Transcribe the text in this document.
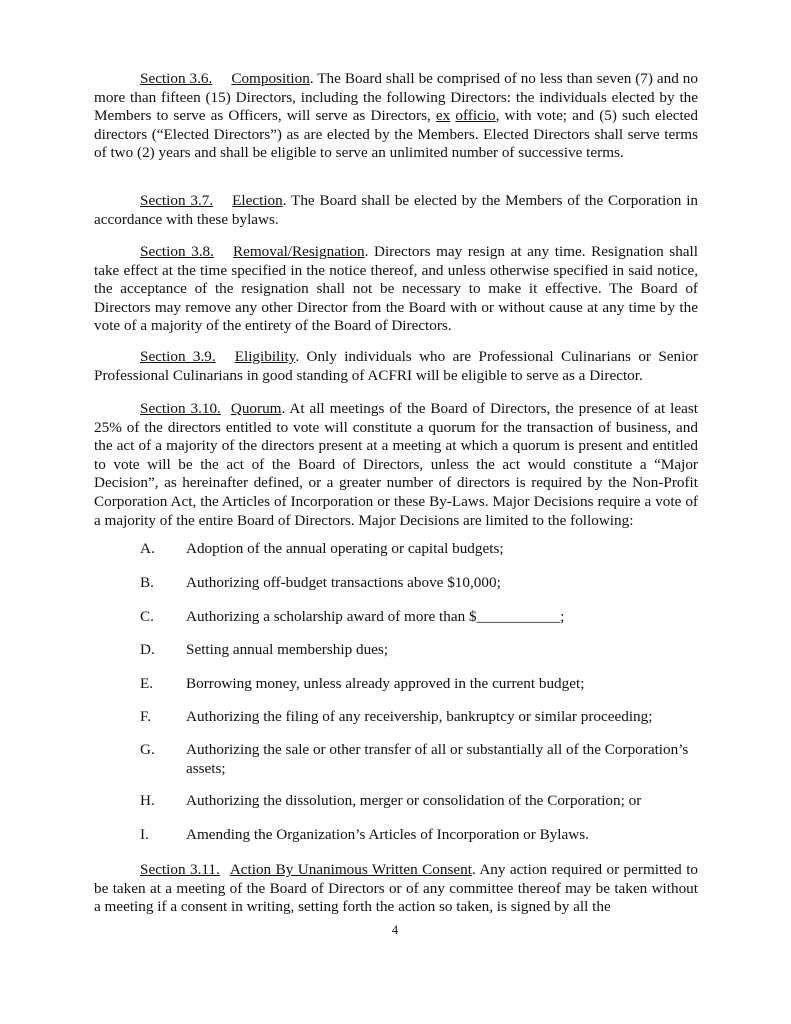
Section 3.6. Composition. The Board shall be comprised of no less than seven (7) and no more than fifteen (15) Directors, including the following Directors: the individuals elected by the Members to serve as Officers, will serve as Directors, ex officio, with vote; and (5) such elected directors (“Elected Directors”) as are elected by the Members. Elected Directors shall serve terms of two (2) years and shall be eligible to serve an unlimited number of successive terms.

Section 3.7. Election. The Board shall be elected by the Members of the Corporation in accordance with these bylaws.

Section 3.8. Removal/Resignation. Directors may resign at any time. Resignation shall take effect at the time specified in the notice thereof, and unless otherwise specified in said notice, the acceptance of the resignation shall not be necessary to make it effective. The Board of Directors may remove any other Director from the Board with or without cause at any time by the vote of a majority of the entirety of the Board of Directors.

Section 3.9. Eligibility. Only individuals who are Professional Culinarians or Senior Professional Culinarians in good standing of ACFRI will be eligible to serve as a Director.

Section 3.10. Quorum. At all meetings of the Board of Directors, the presence of at least 25% of the directors entitled to vote will constitute a quorum for the transaction of business, and the act of a majority of the directors present at a meeting at which a quorum is present and entitled to vote will be the act of the Board of Directors, unless the act would constitute a “Major Decision”, as hereinafter defined, or a greater number of directors is required by the Non-Profit Corporation Act, the Articles of Incorporation or these By-Laws. Major Decisions require a vote of a majority of the entire Board of Directors. Major Decisions are limited to the following:

A. Adoption of the annual operating or capital budgets;
B. Authorizing off-budget transactions above $10,000;
C. Authorizing a scholarship award of more than $___________;
D. Setting annual membership dues;
E. Borrowing money, unless already approved in the current budget;
F. Authorizing the filing of any receivership, bankruptcy or similar proceeding;
G. Authorizing the sale or other transfer of all or substantially all of the Corporation’s assets;
H. Authorizing the dissolution, merger or consolidation of the Corporation; or
I. Amending the Organization’s Articles of Incorporation or Bylaws.

Section 3.11. Action By Unanimous Written Consent. Any action required or permitted to be taken at a meeting of the Board of Directors or of any committee thereof may be taken without a meeting if a consent in writing, setting forth the action so taken, is signed by all the

4
